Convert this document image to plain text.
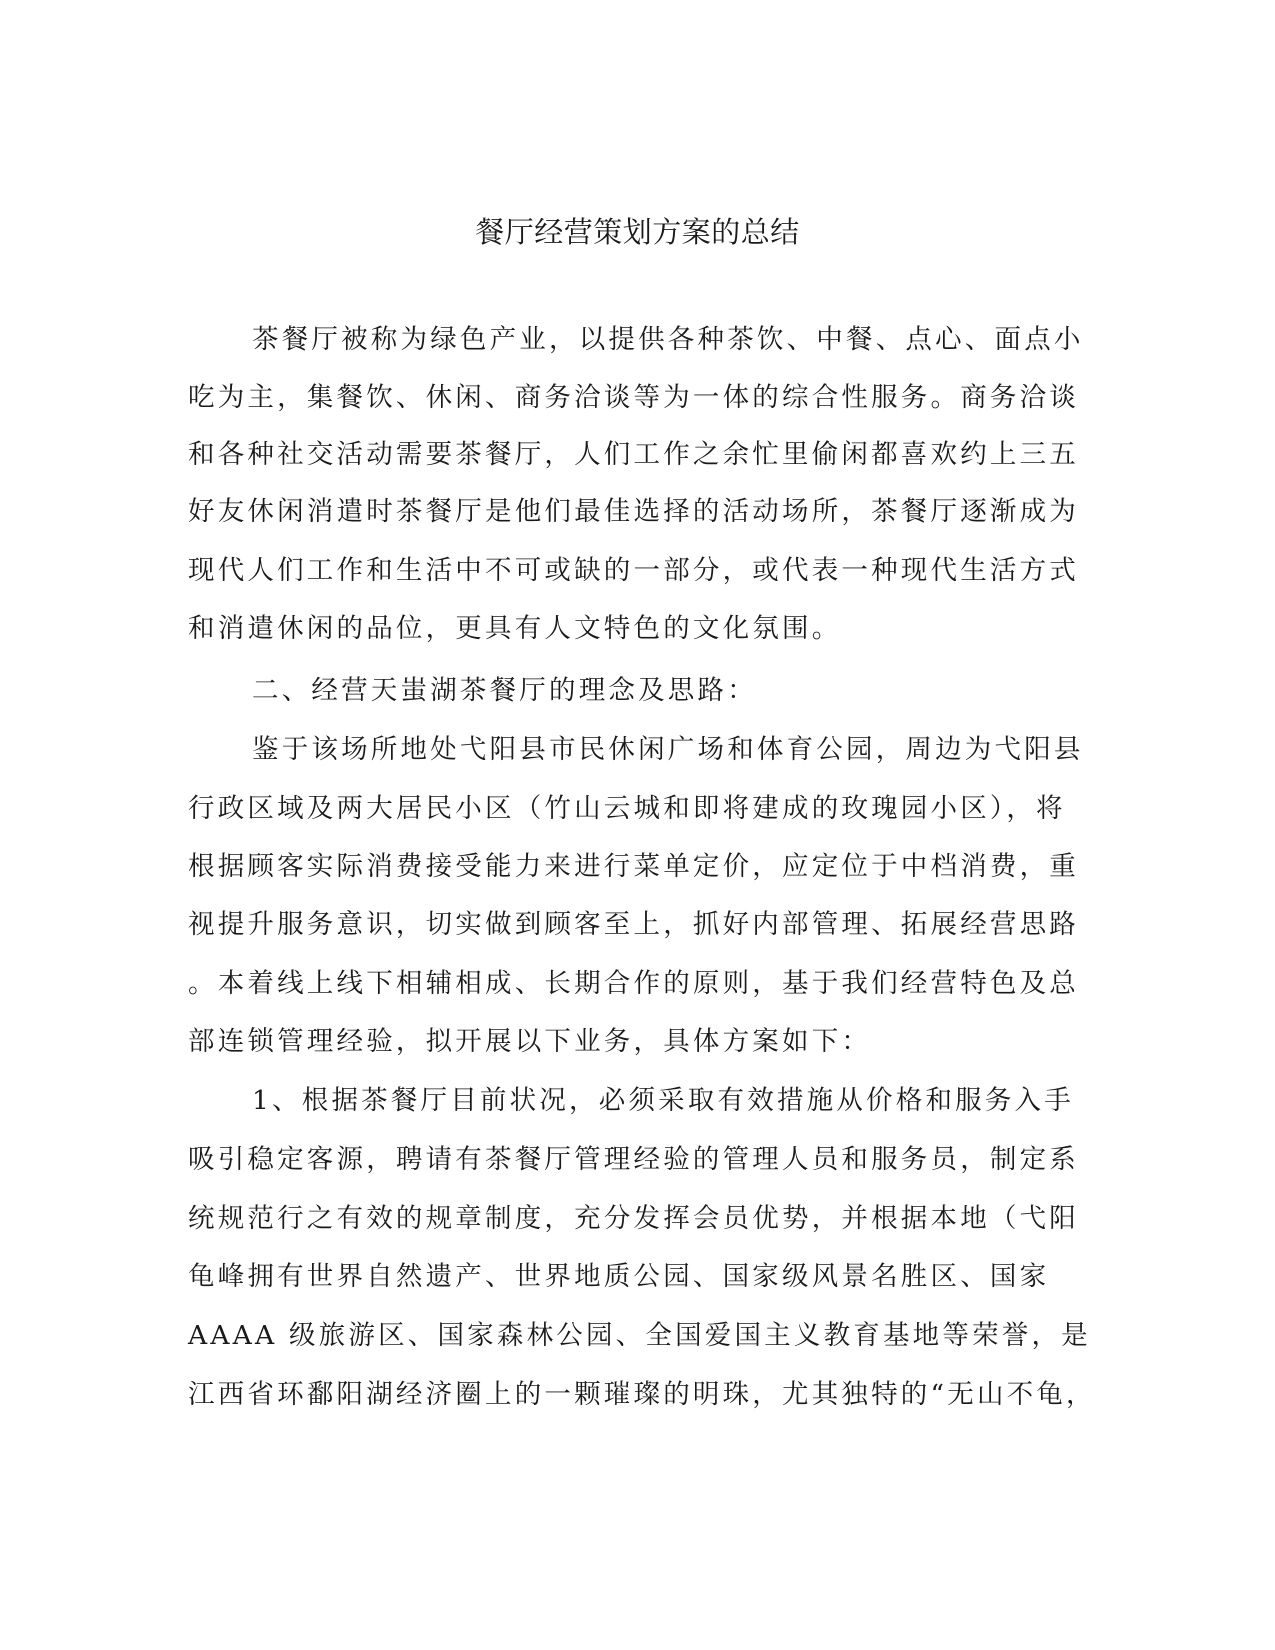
餐厅经营策划方案的总结

茶餐厅被称为绿色产业，以提供各种茶饮、中餐、点心、面点小

吃为主，集餐饮、休闲、商务洽谈等为一体的综合性服务。商务洽谈

和各种社交活动需要茶餐厅，人们工作之余忙里偷闲都喜欢约上三五

好友休闲消遣时茶餐厅是他们最佳选择的活动场所，茶餐厅逐渐成为

现代人们工作和生活中不可或缺的一部分，或代表一种现代生活方式

和消遣休闲的品位，更具有人文特色的文化氛围。

二、经营天蚩湖茶餐厅的理念及思路：

鉴于该场所地处弋阳县市民休闲广场和体育公园，周边为弋阳县

行政区域及两大居民小区（竹山云城和即将建成的玫瑰园小区），将

根据顾客实际消费接受能力来进行菜单定价，应定位于中档消费，重

视提升服务意识，切实做到顾客至上，抓好内部管理、拓展经营思路

。本着线上线下相辅相成、长期合作的原则，基于我们经营特色及总

部连锁管理经验，拟开展以下业务，具体方案如下：

1、根据茶餐厅目前状况，必须采取有效措施从价格和服务入手

吸引稳定客源，聘请有茶餐厅管理经验的管理人员和服务员，制定系

统规范行之有效的规章制度，充分发挥会员优势，并根据本地（弋阳

龟峰拥有世界自然遗产、世界地质公园、国家级风景名胜区、国家

AAAA 级旅游区、国家森林公园、全国爱国主义教育基地等荣誉，是

江西省环鄱阳湖经济圈上的一颗璀璨的明珠，尤其独特的“无山不龟，
